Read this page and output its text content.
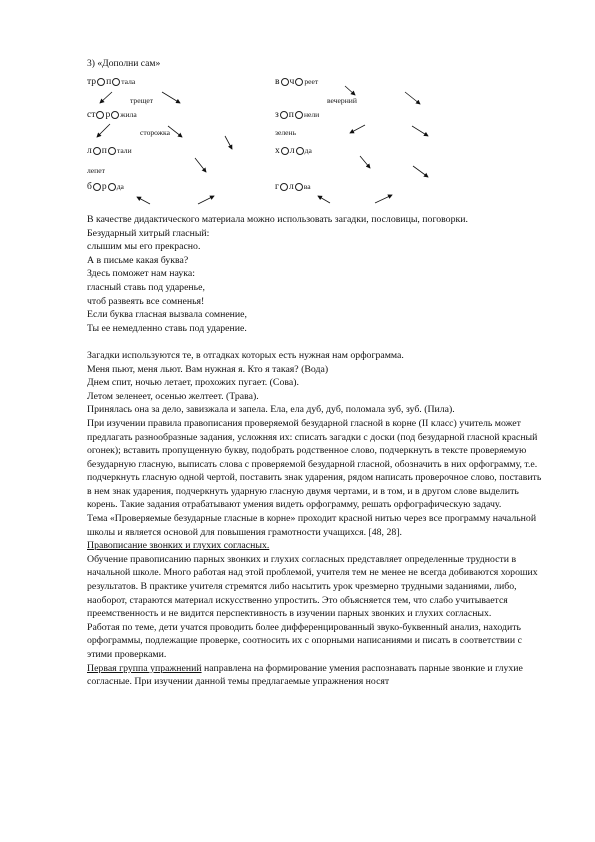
3) «Дополни сам»
тр п тала
трещет
ст р жила
сторожка
л п тали
лепет
б р да
в ч реет
вечерний
з п нели
зелень
х л да
г л ва

В качестве дидактического материала можно использовать загадки, пословицы, поговорки.

Безударный хитрый гласный:

слышим мы его прекрасно.

А в письме какая буква?

Здесь поможет нам наука:

гласный ставь под ударенье,

чтоб развеять все сомненья!

Если буква гласная вызвала сомнение,

Ты ее немедленно ставь под ударение.

Загадки используются те, в отгадках которых есть нужная нам орфограмма.

Меня пьют, меня льют. Вам нужная я. Кто я такая? (Вода)

Днем спит, ночью летает, прохожих пугает. (Сова).

Летом зеленеет, осенью желтеет. (Трава).

Принялась она за дело, завизжала и запела. Ела, ела дуб, дуб, поломала зуб, зуб. (Пила).

При изучении правила правописания проверяемой безударной гласной в корне (II класс) учитель может предлагать разнообразные задания, усложняя их: списать загадки с доски (под безударной гласной красный огонек); вставить пропущенную букву, подобрать родственное слово, подчеркнуть в тексте проверяемую безударную гласную, выписать слова с проверяемой безударной гласной, обозначить в них орфограмму, т.е. подчеркнуть гласную одной чертой, поставить знак ударения, рядом написать проверочное слово, поставить в нем знак ударения, подчеркнуть ударную гласную двумя чертами, и в том, и в другом слове выделить корень. Такие задания отрабатывают умения видеть орфограмму, решать орфографическую задачу.

Тема «Проверяемые безударные гласные в корне» проходит красной нитью через все программу начальной школы и является основой для повышения грамотности учащихся. [48, 28].

Правописание звонких и глухих согласных.

Обучение правописанию парных звонких и глухих согласных представляет определенные трудности в начальной школе. Много работая над этой проблемой, учителя тем не менее не всегда добиваются хороших результатов. В практике учителя стремятся либо насытить урок чрезмерно трудными заданиями, либо, наоборот, стараются материал искусственно упростить. Это объясняется тем, что слабо учитывается преемственность и не видится перспективность в изучении парных звонких и глухих согласных.

Работая по теме, дети учатся проводить более дифференцированный звуко-буквенный анализ, находить орфограммы, подлежащие проверке, соотносить их с опорными написаниями и писать в соответствии с этими проверками.

Первая группа упражнений направлена на формирование умения распознавать парные звонкие и глухие согласные. При изучении данной темы предлагаемые упражнения носят
